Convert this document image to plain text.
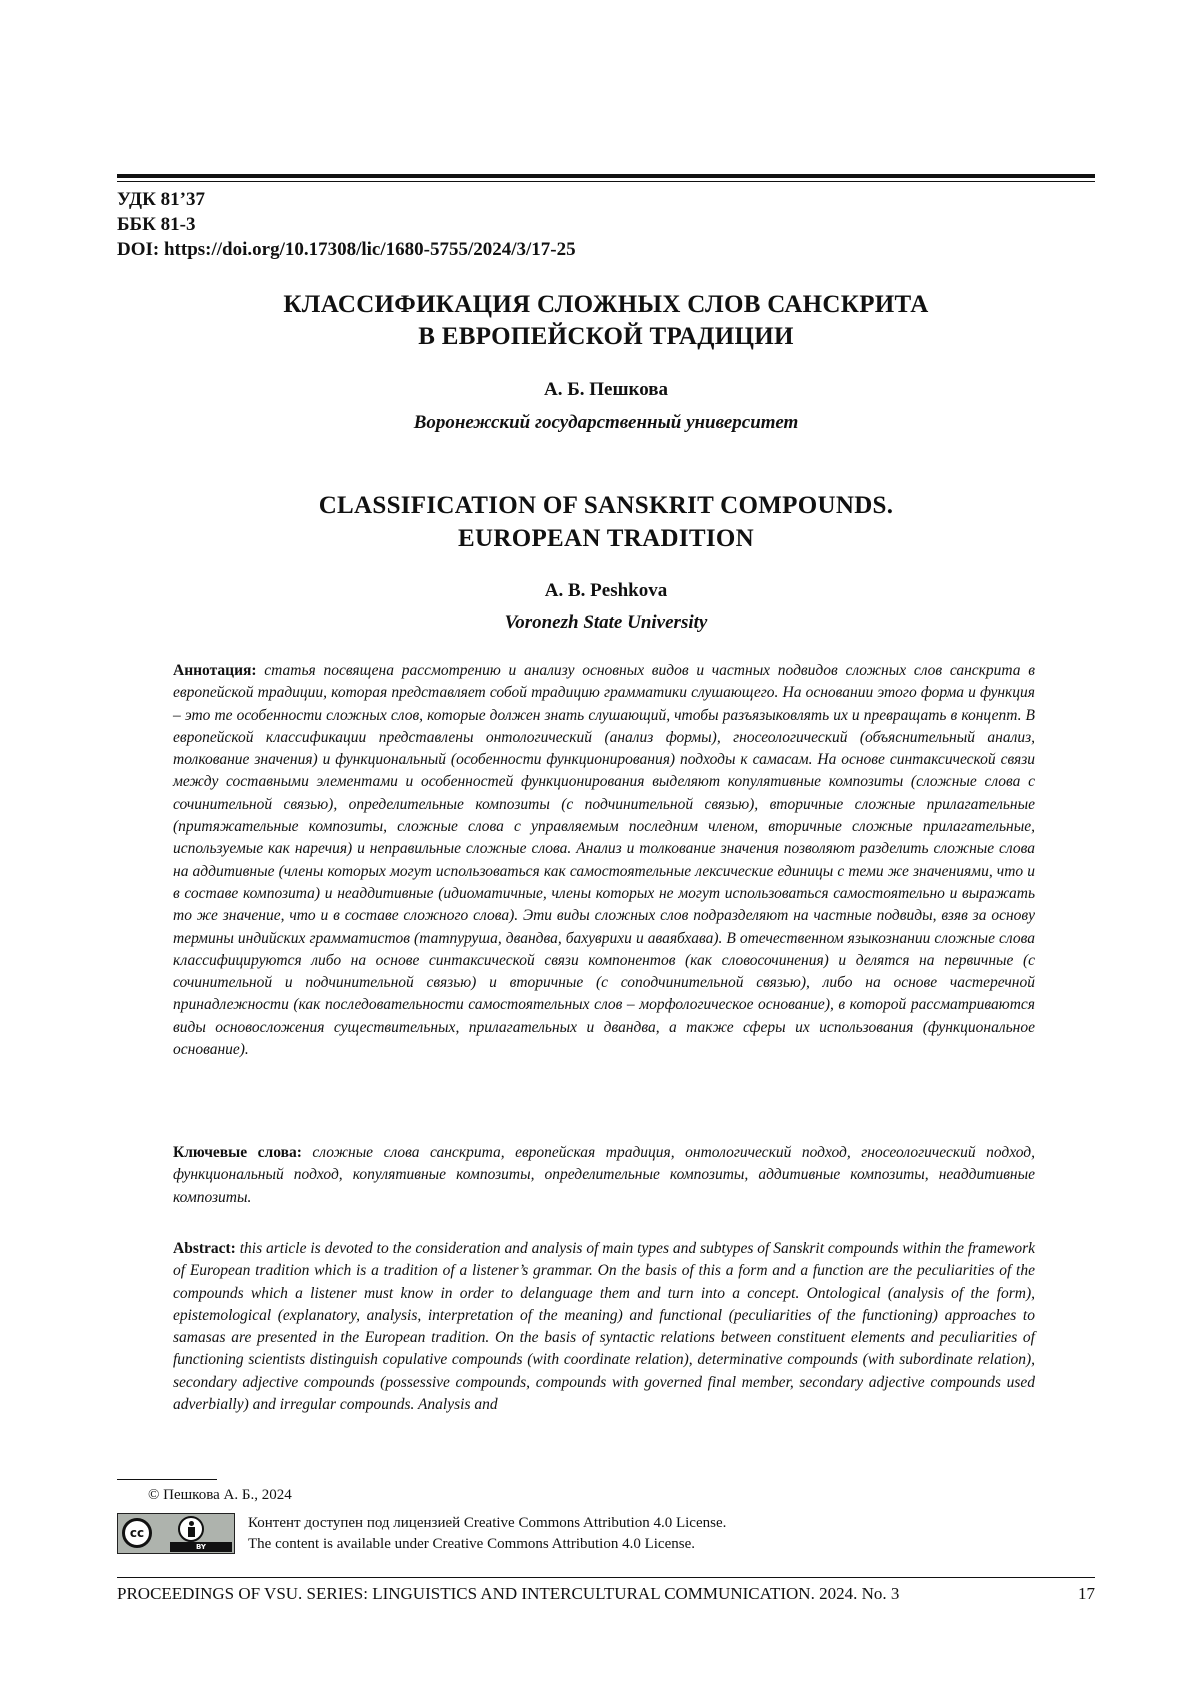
УДК 81’37
ББК 81-3
DOI: https://doi.org/10.17308/lic/1680-5755/2024/3/17-25
КЛАССИФИКАЦИЯ СЛОЖНЫХ СЛОВ САНСКРИТА
В ЕВРОПЕЙСКОЙ ТРАДИЦИИ
А. Б. Пешкова
Воронежский государственный университет
CLASSIFICATION OF SANSKRIT COMPOUNDS.
EUROPEAN TRADITION
A. B. Peshkova
Voronezh State University
Аннотация: статья посвящена рассмотрению и анализу основных видов и частных подвидов сложных слов санскрита в европейской традиции, которая представляет собой традицию грамматики слушающего. На основании этого форма и функция – это те особенности сложных слов, которые должен знать слушающий, чтобы разъязыковлять их и превращать в концепт. В европейской классификации представлены онтологический (анализ формы), гносеологический (объяснительный анализ, толкование значения) и функциональный (особенности функционирования) подходы к самасам. На основе синтаксической связи между составными элементами и особенностей функционирования выделяют копулятивные композиты (сложные слова с сочинительной связью), определительные композиты (с подчинительной связью), вторичные сложные прилагательные (притяжательные композиты, сложные слова с управляемым последним членом, вторичные сложные прилагательные, используемые как наречия) и неправильные сложные слова. Анализ и толкование значения позволяют разделить сложные слова на аддитивные (члены которых могут использоваться как самостоятельные лексические единицы с теми же значениями, что и в составе композита) и неаддитивные (идиоматичные, члены которых не могут использоваться самостоятельно и выражать то же значение, что и в составе сложного слова). Эти виды сложных слов подразделяют на частные подвиды, взяв за основу термины индийских грамматистов (татпуруша, двандва, бахуврихи и аваябхава). В отечественном языкознании сложные слова классифицируются либо на основе синтаксической связи компонентов (как словосочинения) и делятся на первичные (с сочинительной и подчинительной связью) и вторичные (с соподчинительной связью), либо на основе частеречной принадлежности (как последовательности самостоятельных слов – морфологическое основание), в которой рассматриваются виды основосложения существительных, прилагательных и двандва, а также сферы их использования (функциональное основание).
Ключевые слова: сложные слова санскрита, европейская традиция, онтологический подход, гносеологический подход, функциональный подход, копулятивные композиты, определительные композиты, аддитивные композиты, неаддитивные композиты.
Abstract: this article is devoted to the consideration and analysis of main types and subtypes of Sanskrit compounds within the framework of European tradition which is a tradition of a listener’s grammar. On the basis of this a form and a function are the peculiarities of the compounds which a listener must know in order to delanguage them and turn into a concept. Ontological (analysis of the form), epistemological (explanatory, analysis, interpretation of the meaning) and functional (peculiarities of the functioning) approaches to samasas are presented in the European tradition. On the basis of syntactic relations between constituent elements and peculiarities of functioning scientists distinguish copulative compounds (with coordinate relation), determinative compounds (with subordinate relation), secondary adjective compounds (possessive compounds, compounds with governed final member, secondary adjective compounds used adverbially) and irregular compounds. Analysis and
© Пешкова А. Б., 2024
cc
BY
Контент доступен под лицензией Creative Commons Attribution 4.0 License.
The content is available under Creative Commons Attribution 4.0 License.
PROCEEDINGS OF VSU. SERIES: LINGUISTICS AND INTERCULTURAL COMMUNICATION. 2024. No. 3	17
